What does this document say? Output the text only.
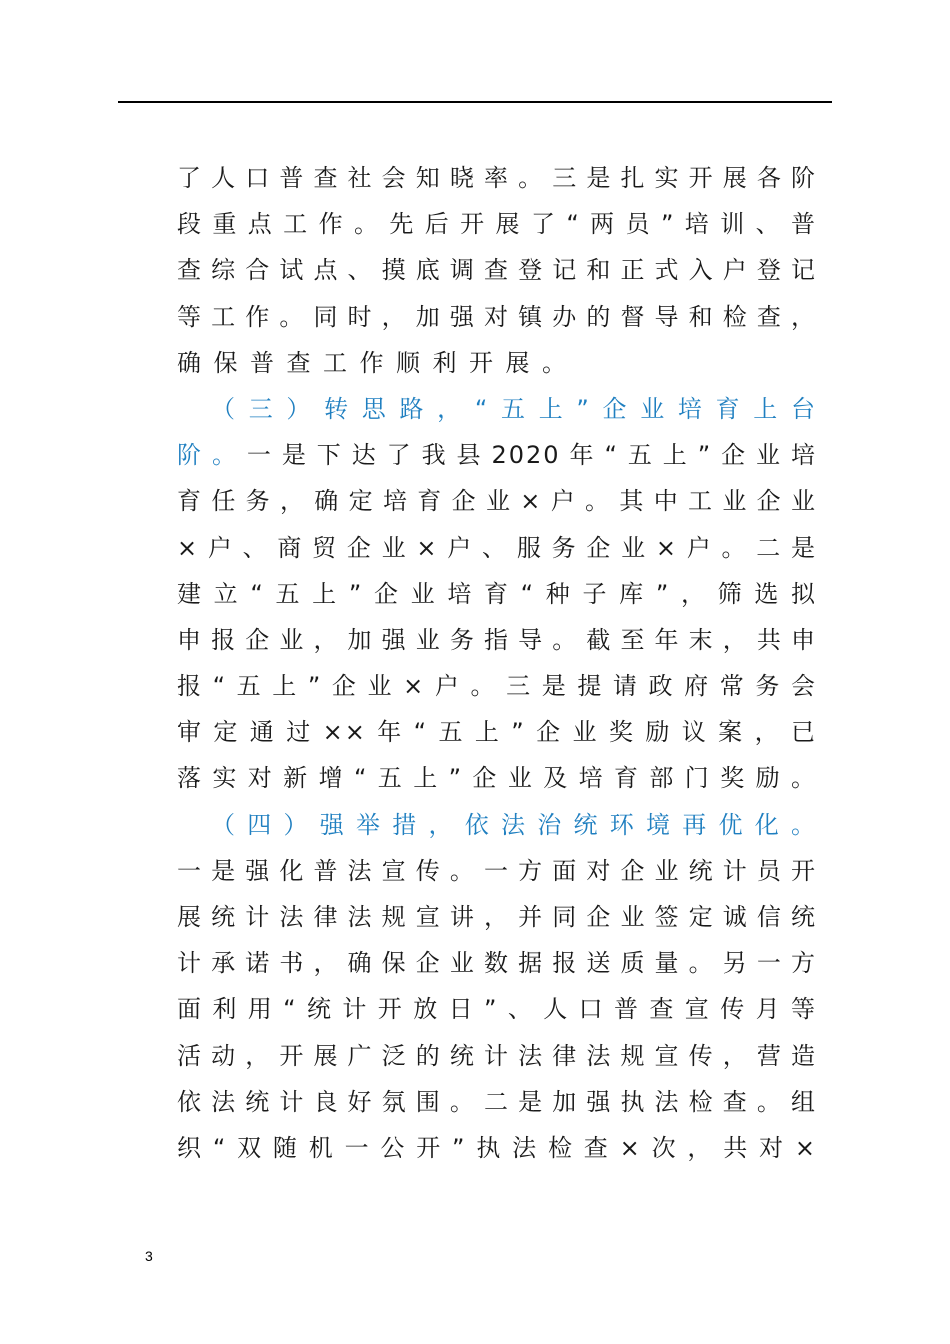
了人口普查社会知晓率。三是扎实开展各阶
段重点工作。先后开展了“两员”培训、普
查综合试点、摸底调查登记和正式入户登记
等工作。同时，加强对镇办的督导和检查，
确保普查工作顺利开展。
（三）转思路，“五上”企业培育上台
阶。一是下达了我县2020年“五上”企业培
育任务，确定培育企业×户。其中工业企业
×户、商贸企业×户、服务企业×户。二是
建立“五上”企业培育“种子库”，筛选拟
申报企业，加强业务指导。截至年末，共申
报“五上”企业×户。三是提请政府常务会
审定通过××年“五上”企业奖励议案，已
落实对新增“五上”企业及培育部门奖励。
（四）强举措，依法治统环境再优化。
一是强化普法宣传。一方面对企业统计员开
展统计法律法规宣讲，并同企业签定诚信统
计承诺书，确保企业数据报送质量。另一方
面利用“统计开放日”、人口普查宣传月等
活动，开展广泛的统计法律法规宣传，营造
依法统计良好氛围。二是加强执法检查。组
织“双随机一公开”执法检查×次，共对×
3
